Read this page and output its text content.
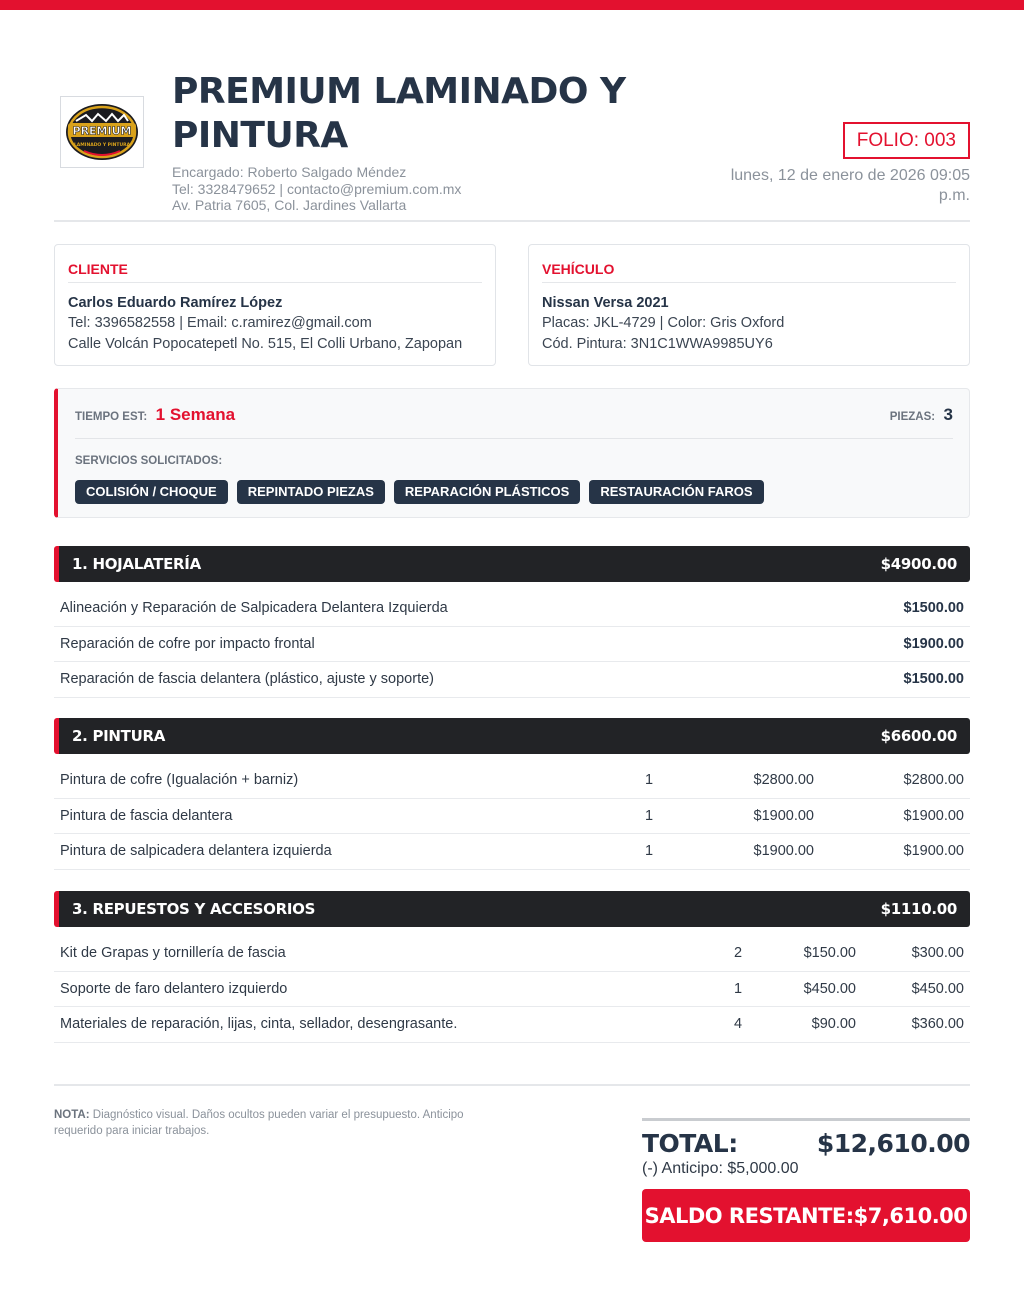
PREMIUM
LAMINADO Y PINTURA
PREMIUM LAMINADO Y
PINTURA
Encargado: Roberto Salgado Méndez
Tel: 3328479652 | contacto@premium.com.mx
Av. Patria 7605, Col. Jardines Vallarta
FOLIO: 003
lunes, 12 de enero de 2026 09:05 p.m.
CLIENTE
Carlos Eduardo Ramírez López
Tel: 3396582558 | Email: c.ramirez@gmail.com
Calle Volcán Popocatepetl No. 515, El Colli Urbano, Zapopan
VEHÍCULO
Nissan Versa 2021
Placas: JKL-4729 | Color: Gris Oxford
Cód. Pintura: 3N1C1WWA9985UY6
TIEMPO EST: 1 Semana	PIEZAS: 3
SERVICIOS SOLICITADOS:
COLISIÓN / CHOQUE	REPINTADO PIEZAS	REPARACIÓN PLÁSTICOS	RESTAURACIÓN FAROS
1. HOJALATERÍA	$4900.00
Alineación y Reparación de Salpicadera Delantera Izquierda	$1500.00
Reparación de cofre por impacto frontal	$1900.00
Reparación de fascia delantera (plástico, ajuste y soporte)	$1500.00
2. PINTURA	$6600.00
Pintura de cofre (Igualación + barniz)	1	$2800.00	$2800.00
Pintura de fascia delantera	1	$1900.00	$1900.00
Pintura de salpicadera delantera izquierda	1	$1900.00	$1900.00
3. REPUESTOS Y ACCESORIOS	$1110.00
Kit de Grapas y tornillería de fascia	2	$150.00	$300.00
Soporte de faro delantero izquierdo	1	$450.00	$450.00
Materiales de reparación, lijas, cinta, sellador, desengrasante.	4	$90.00	$360.00
NOTA: Diagnóstico visual. Daños ocultos pueden variar el presupuesto. Anticipo requerido para iniciar trabajos.	TOTAL:	$12,610.00
(-) Anticipo: $5,000.00
SALDO RESTANTE:$7,610.00
